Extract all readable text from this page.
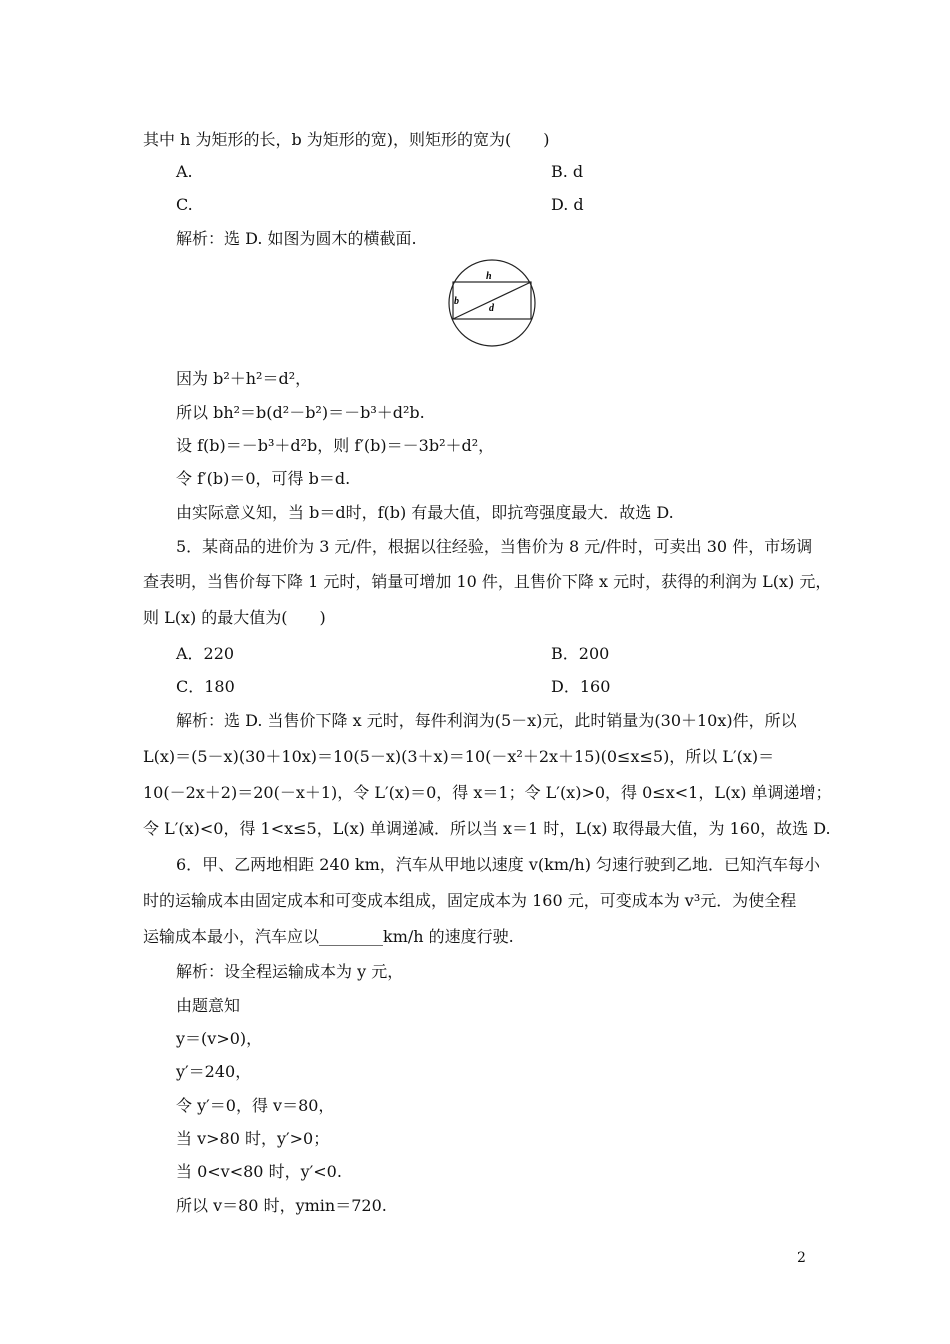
其中 h 为矩形的长，b 为矩形的宽)，则矩形的宽为(　　)
A.	B. d
C.	D. d
解析：选 D. 如图为圆木的横截面.
h
b
d
因为 b²＋h²＝d²，
所以 bh²＝b(d²－b²)＝－b³＋d²b.
设 f(b)＝－b³＋d²b，则 f′(b)＝－3b²＋d²，
令 f′(b)＝0，可得 b＝d.
由实际意义知，当 b＝d时，f(b) 有最大值，即抗弯强度最大．故选 D.
5．某商品的进价为 3 元/件，根据以往经验，当售价为 8 元/件时，可卖出 30 件，市场调
查表明，当售价每下降 1 元时，销量可增加 10 件，且售价下降 x 元时，获得的利润为 L(x) 元，
则 L(x) 的最大值为(　　)
A．220	B．200
C．180	D．160
解析：选 D. 当售价下降 x 元时，每件利润为(5－x)元，此时销量为(30＋10x)件，所以
L(x)＝(5－x)(30＋10x)＝10(5－x)(3＋x)＝10(－x²＋2x＋15)(0≤x≤5)，所以 L′(x)＝
10(－2x＋2)＝20(－x＋1)，令 L′(x)＝0，得 x＝1；令 L′(x)>0，得 0≤x<1，L(x) 单调递增；
令 L′(x)<0，得 1<x≤5，L(x) 单调递减．所以当 x＝1 时，L(x) 取得最大值，为 160，故选 D.
6．甲、乙两地相距 240 km，汽车从甲地以速度 v(km/h) 匀速行驶到乙地．已知汽车每小
时的运输成本由固定成本和可变成本组成，固定成本为 160 元，可变成本为 v³元．为使全程
运输成本最小，汽车应以________km/h 的速度行驶.
解析：设全程运输成本为 y 元，
由题意知
y＝(v>0)，
y′＝240，
令 y′＝0，得 v＝80，
当 v>80 时，y′>0；
当 0<v<80 时，y′<0.
所以 v＝80 时，ymin＝720.
2
